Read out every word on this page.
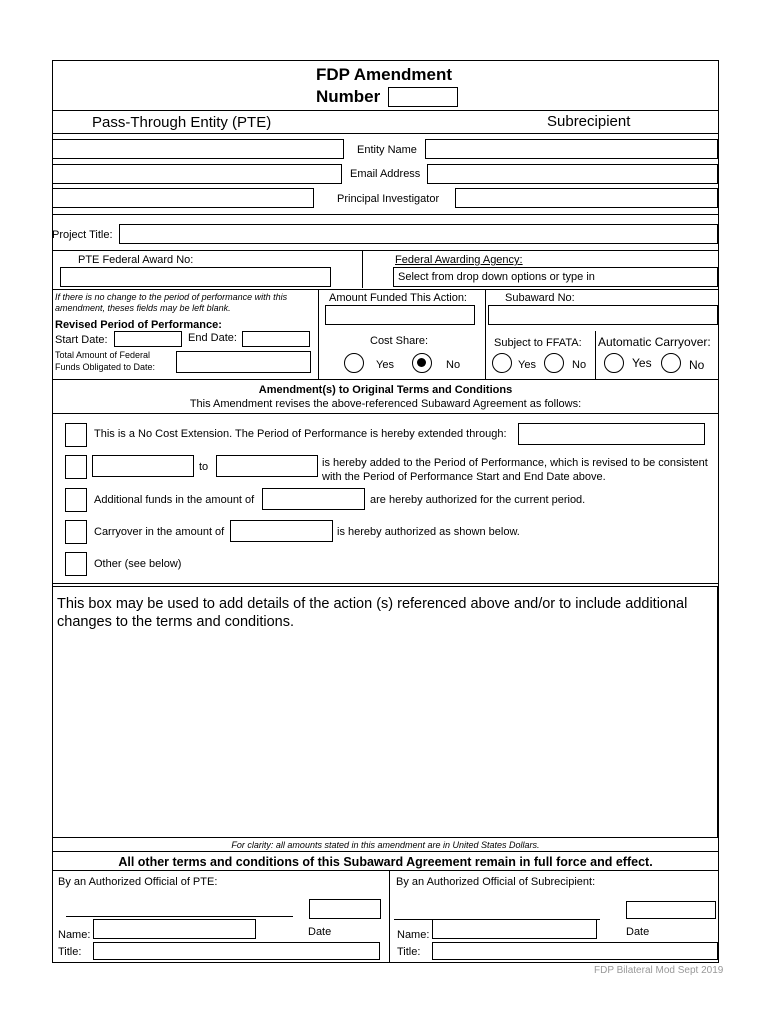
FDP Amendment
Number
Pass-Through Entity (PTE)	Subrecipient
Entity Name
Email Address
Principal Investigator
Project Title:
PTE Federal Award No:	Federal Awarding Agency:
Select from drop down options or type in
If there is no change to the period of performance with this amendment, theses fields may be left blank.
Revised Period of Performance:
Start Date:	End Date:
Total Amount of Federal
Funds Obligated to Date:
Amount Funded This Action:	Subaward No:
Cost Share:
Yes	No
Subject to FFATA:
Yes	No
Automatic Carryover:
Yes	No
Amendment(s) to Original Terms and Conditions
This Amendment revises the above-referenced Subaward Agreement as follows:
This is a No Cost Extension. The Period of Performance is hereby extended through:
to	is hereby added to the Period of Performance, which is revised to be consistent
with the Period of Performance Start and End Date above.
Additional funds in the amount of	are hereby authorized for the current period.
Carryover in the amount of	is hereby authorized as shown below.
Other (see below)
This box may be used to add details of the action (s) referenced above and/or to include additional changes to the terms and conditions.
For clarity: all amounts stated in this amendment are in United States Dollars.
All other terms and conditions of this Subaward Agreement remain in full force and effect.
By an Authorized Official of PTE:	By an Authorized Official of Subrecipient:
Date	Date
Name:	Name:
Title:	Title:
FDP Bilateral Mod Sept 2019
